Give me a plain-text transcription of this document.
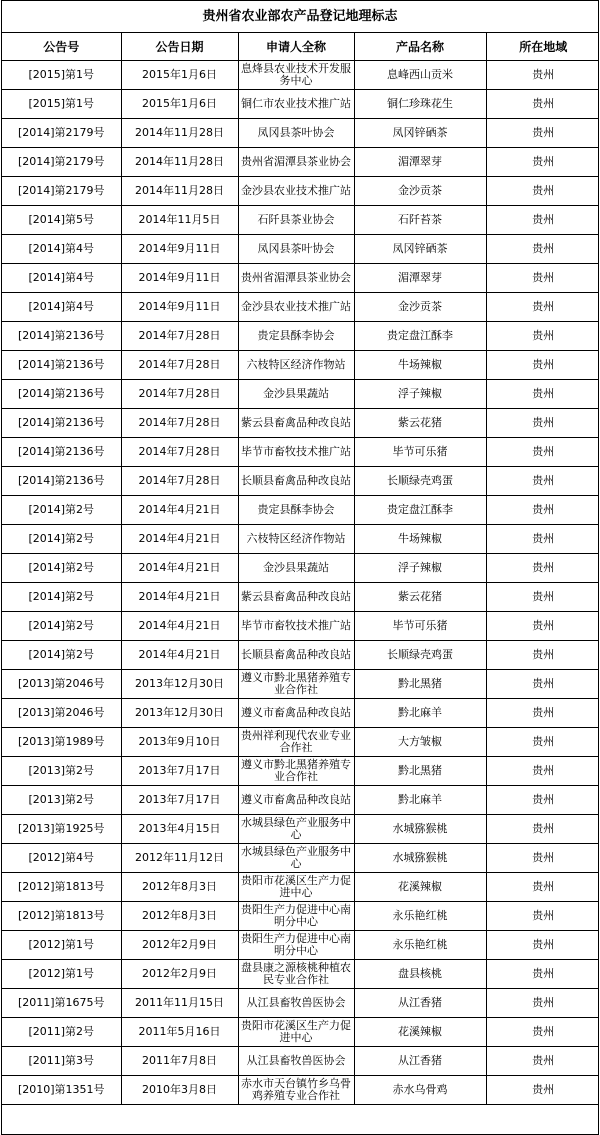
贵州省农业部农产品登记地理标志
公告号	公告日期	申请人全称	产品名称	所在地域
[2015]第1号	2015年1月6日	息烽县农业技术开发服务中心	息峰西山贡米	贵州
[2015]第1号	2015年1月6日	铜仁市农业技术推广站	铜仁珍珠花生	贵州
[2014]第2179号	2014年11月28日	凤冈县茶叶协会	凤冈锌硒茶	贵州
[2014]第2179号	2014年11月28日	贵州省湄潭县茶业协会	湄潭翠芽	贵州
[2014]第2179号	2014年11月28日	金沙县农业技术推广站	金沙贡茶	贵州
[2014]第5号	2014年11月5日	石阡县茶业协会	石阡苔茶	贵州
[2014]第4号	2014年9月11日	凤冈县茶叶协会	凤冈锌硒茶	贵州
[2014]第4号	2014年9月11日	贵州省湄潭县茶业协会	湄潭翠芽	贵州
[2014]第4号	2014年9月11日	金沙县农业技术推广站	金沙贡茶	贵州
[2014]第2136号	2014年7月28日	贵定县酥李协会	贵定盘江酥李	贵州
[2014]第2136号	2014年7月28日	六枝特区经济作物站	牛场辣椒	贵州
[2014]第2136号	2014年7月28日	金沙县果蔬站	浮子辣椒	贵州
[2014]第2136号	2014年7月28日	紫云县畜禽品种改良站	紫云花猪	贵州
[2014]第2136号	2014年7月28日	毕节市畜牧技术推广站	毕节可乐猪	贵州
[2014]第2136号	2014年7月28日	长顺县畜禽品种改良站	长顺绿壳鸡蛋	贵州
[2014]第2号	2014年4月21日	贵定县酥李协会	贵定盘江酥李	贵州
[2014]第2号	2014年4月21日	六枝特区经济作物站	牛场辣椒	贵州
[2014]第2号	2014年4月21日	金沙县果蔬站	浮子辣椒	贵州
[2014]第2号	2014年4月21日	紫云县畜禽品种改良站	紫云花猪	贵州
[2014]第2号	2014年4月21日	毕节市畜牧技术推广站	毕节可乐猪	贵州
[2014]第2号	2014年4月21日	长顺县畜禽品种改良站	长顺绿壳鸡蛋	贵州
[2013]第2046号	2013年12月30日	遵义市黔北黑猪养殖专业合作社	黔北黑猪	贵州
[2013]第2046号	2013年12月30日	遵义市畜禽品种改良站	黔北麻羊	贵州
[2013]第1989号	2013年9月10日	贵州祥利现代农业专业合作社	大方皱椒	贵州
[2013]第2号	2013年7月17日	遵义市黔北黑猪养殖专业合作社	黔北黑猪	贵州
[2013]第2号	2013年7月17日	遵义市畜禽品种改良站	黔北麻羊	贵州
[2013]第1925号	2013年4月15日	水城县绿色产业服务中心	水城猕猴桃	贵州
[2012]第4号	2012年11月12日	水城县绿色产业服务中心	水城猕猴桃	贵州
[2012]第1813号	2012年8月3日	贵阳市花溪区生产力促进中心	花溪辣椒	贵州
[2012]第1813号	2012年8月3日	贵阳生产力促进中心南明分中心	永乐艳红桃	贵州
[2012]第1号	2012年2月9日	贵阳生产力促进中心南明分中心	永乐艳红桃	贵州
[2012]第1号	2012年2月9日	盘县康之源核桃种植农民专业合作社	盘县核桃	贵州
[2011]第1675号	2011年11月15日	从江县畜牧兽医协会	从江香猪	贵州
[2011]第2号	2011年5月16日	贵阳市花溪区生产力促进中心	花溪辣椒	贵州
[2011]第3号	2011年7月8日	从江县畜牧兽医协会	从江香猪	贵州
[2010]第1351号	2010年3月8日	赤水市天台镇竹乡乌骨鸡养殖专业合作社	赤水乌骨鸡	贵州
